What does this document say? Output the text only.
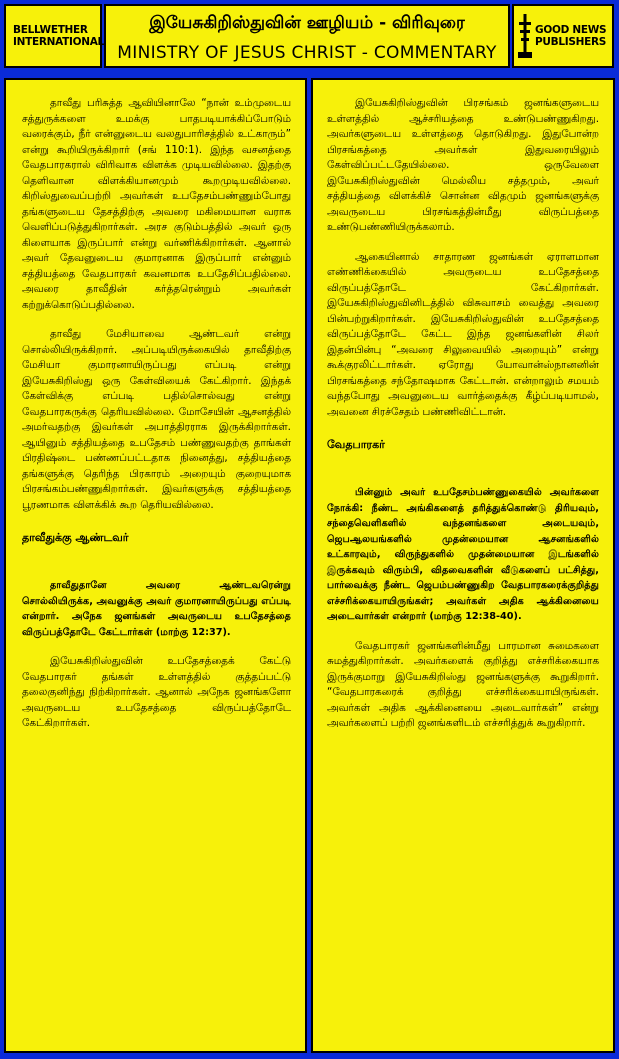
BELLWETHER
INTERNATIONAL
இயேசுகிறிஸ்துவின் ஊழியம் - விரிவுரை
MINISTRY OF JESUS CHRIST - COMMENTARY
GOOD NEWS
PUBLISHERS

தாவீது பரிசுத்த ஆவியினாலே “நான் உம்முடைய சத்துருக்களை உமக்கு பாதபடியாக்கிப்போடும் வரைக்கும், நீர் என்னுடைய வலதுபாரிசத்தில் உட்காரும்” என்று கூறியிருக்கிறார் (சங் 110:1). இந்த வசனத்தை வேதபாரகரால் விரிவாக விளக்க முடியவில்லை. இதற்கு தெளிவான விளக்கியானமும் கூறமுடியவில்லை. கிறிஸ்துவைப்பற்றி அவர்கள் உபதேசம்பண்ணும்போது தங்களுடைய தேசத்திற்கு அவரை மகிமையான வராக வெளிப்படுத்துகிறார்கள். அரச குடும்பத்தில் அவர் ஒரு கிளையாக இருப்பார் என்று வர்ணிக்கிறார்கள். ஆனால் அவர் தேவனுடைய குமாரனாக இருப்பார் என்னும் சத்தியத்தை வேதபாரகர் கவனமாக உபதேசிப்பதில்லை. அவரை தாவீதின் கர்த்தரென்றும் அவர்கள் கற்றுக்கொடுப்பதில்லை.

தாவீது மேசியாவை ஆண்டவர் என்று சொல்லியிருக்கிறார். அப்படியிருக்கையில் தாவீதிற்கு மேசியா குமாரனாயிருப்பது எப்படி என்று இயேசுகிறிஸ்து ஒரு கேள்வியைக் கேட்கிறார். இந்தக் கேள்விக்கு எப்படி பதில்சொல்வது என்று வேதபாரகருக்கு தெரியவில்லை. மோசேயின் ஆசனத்தில் அமர்வதற்கு இவர்கள் அபாத்திரராக இருக்கிறார்கள். ஆயினும் சத்தியத்தை உபதேசம் பண்ணுவதற்கு தாங்கள் பிரதிஷ்டை பண்ணப்பட்டதாக நினைத்து, சத்தியத்தை தங்களுக்கு தெரிந்த பிரகாரம் அறையும் குறையுமாக பிரசங்கம்பண்ணுகிறார்கள். இவர்களுக்கு சத்தியத்தை பூரணமாக விளக்கிக் கூற தெரியவில்லை.

தாவீதுக்கு ஆண்டவர்

தாவீதுதானே அவரை ஆண்டவரென்று சொல்லியிருக்க, அவனுக்கு அவர் குமாரனாயிருப்பது எப்படி என்றார். அநேக ஜனங்கள் அவருடைய உபதேசத்தை விருப்பத்தோடே கேட்டார்கள் (மாற்கு 12:37).

இயேசுகிறிஸ்துவின் உபதேசத்தைக் கேட்டு வேதபாரகர் தங்கள் உள்ளத்தில் குத்தப்பட்டு தலைகுனிந்து நிற்கிறார்கள். ஆனால் அநேக ஜனங்களோ அவருடைய உபதேசத்தை விருப்பத்தோடே கேட்கிறார்கள்.

இயேசுகிறிஸ்துவின் பிரசங்கம் ஜனங்களுடைய உள்ளத்தில் ஆச்சரியத்தை உண்டுபண்ணுகிறது. அவர்களுடைய உள்ளத்தை தொடுகிறது. இதுபோன்ற பிரசங்கத்தை அவர்கள் இதுவரையிலும் கேள்விப்பட்டதேயில்லை. ஒருவேளை இயேசுகிறிஸ்துவின் மெல்லிய சத்தமும், அவர் சத்தியத்தை விளக்கிச் சொன்ன விதமும் ஜனங்களுக்கு அவருடைய பிரசங்கத்தின்மீது விருப்பத்தை உண்டுபண்ணியிருக்கலாம்.

ஆகையினால் சாதாரண ஜனங்கள் ஏராளமான எண்ணிக்கையில் அவருடைய உபதேசத்தை விருப்பத்தோடே கேட்கிறார்கள். இயேசுகிறிஸ்துவினிடத்தில் விசுவாசம் வைத்து அவரை பின்பற்றுகிறார்கள். இயேசுகிறிஸ்துவின் உபதேசத்தை விருப்பத்தோடே கேட்ட இந்த ஜனங்களின் சிலர் இதன்பின்பு “அவரை சிலுவையில் அறையும்” என்று கூக்குரலிட்டார்கள். ஏரோது யோவான்ஸ்நானனின் பிரசங்கத்தை சந்தோஷமாக கேட்டான். என்றாலும் சமயம் வந்தபோது அவனுடைய வார்த்தைக்கு கீழ்ப்படியாமல், அவனை சிரச்சேதம் பண்ணிவிட்டான்.

வேதபாரகர்

பின்னும் அவர் உபதேசம்பண்ணுகையில் அவர்களை நோக்கி: நீண்ட அங்கிகளைத் தரித்துக்கொண்டு திரியவும், சந்தைவெளிகளில் வந்தனங்களை அடையவும், ஜெபஆலயங்களில் முதன்மையான ஆசனங்களில் உட்காரவும், விருந்துகளில் முதன்மையான இடங்களில் இருக்கவும் விரும்பி, விதவைகளின் வீடுகளைப் பட்சித்து, பார்வைக்கு நீண்ட ஜெபம்பண்ணுகிற வேதபாரகரைக்குறித்து எச்சரிக்கையாயிருங்கள்; அவர்கள் அதிக ஆக்கினையை அடைவார்கள் என்றார் (மாற்கு 12:38-40).

வேதபாரகர் ஜனங்களின்மீது பாரமான சுமைகளை சுமத்துகிறார்கள். அவர்களைக் குறித்து எச்சரிக்கையாக இருக்குமாறு இயேசுகிறிஸ்து ஜனங்களுக்கு கூறுகிறார். “வேதபாரகரைக் குறித்து எச்சரிக்கையாயிருங்கள். அவர்கள் அதிக ஆக்கினையை அடைவார்கள்” என்று அவர்களைப் பற்றி ஜனங்களிடம் எச்சரித்துக் கூறுகிறார்.
